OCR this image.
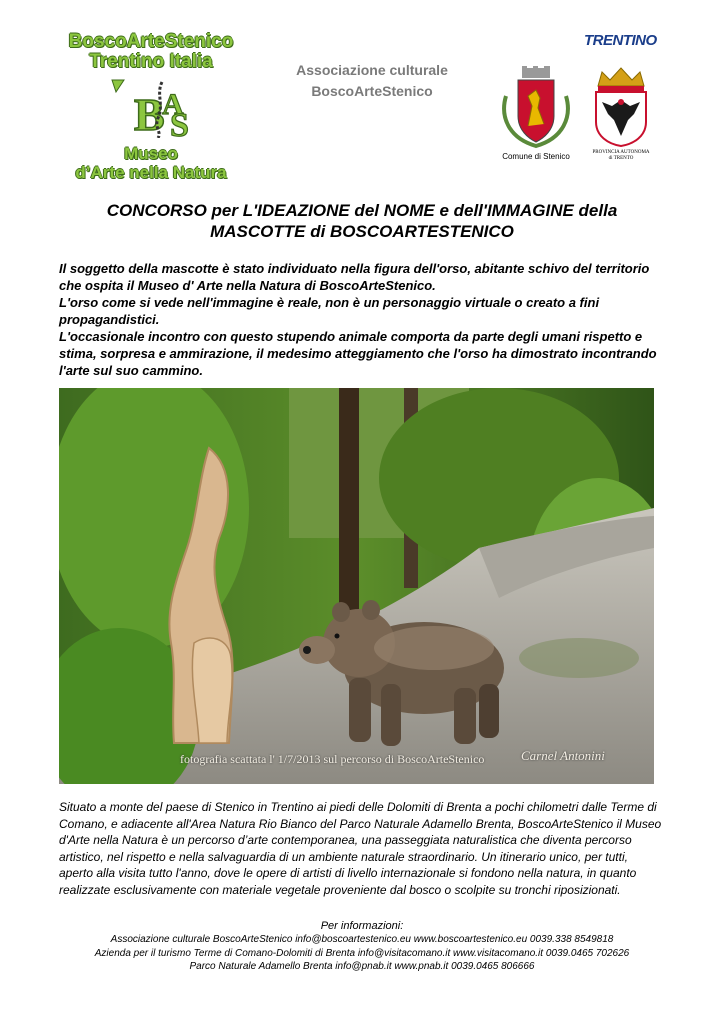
BoscoArteStenico
Trentino Italia
B
A
S
Museo
d’Arte nella Natura
Associazione culturale
BoscoArteStenico
TRENTINO
Comune di Stenico	PROVINCIA AUTONOMA
di TRENTO
CONCORSO per L'IDEAZIONE del NOME e dell'IMMAGINE della
MASCOTTE di BOSCOARTESTENICO

Il soggetto della mascotte è stato individuato nella figura dell'orso, abitante schivo del territorio che ospita il Museo d' Arte nella Natura di BoscoArteStenico.

L'orso come si vede nell'immagine è reale, non è un personaggio virtuale o creato a fini propagandistici.

L'occasionale incontro con questo stupendo animale comporta da parte degli umani rispetto e stima, sorpresa e ammirazione, il medesimo atteggiamento che l'orso ha dimostrato incontrando l'arte sul suo cammino.

fotografia scattata l' 1/7/2013 sul percorso di BoscoArteStenico	Carnel Antonini
Situato a monte del paese di Stenico in Trentino ai piedi delle Dolomiti di Brenta a pochi chilometri dalle Terme di Comano, e adiacente all'Area Natura Rio Bianco del Parco Naturale Adamello Brenta, BoscoArteStenico il Museo d'Arte nella Natura è un percorso d’arte contemporanea, una passeggiata naturalistica che diventa percorso artistico, nel rispetto e nella salvaguardia di un ambiente naturale straordinario. Un itinerario unico, per tutti, aperto alla visita tutto l'anno, dove le opere di artisti di livello internazionale si fondono nella natura, in quanto realizzate esclusivamente con materiale vegetale proveniente dal bosco o scolpite su tronchi riposizionati.
Per informazioni:
Associazione culturale BoscoArteStenico info@boscoartestenico.eu www.boscoartestenico.eu 0039.338 8549818
Azienda per il turismo Terme di Comano-Dolomiti di Brenta info@visitacomano.it www.visitacomano.it 0039.0465 702626
Parco Naturale Adamello Brenta info@pnab.it www.pnab.it 0039.0465 806666
